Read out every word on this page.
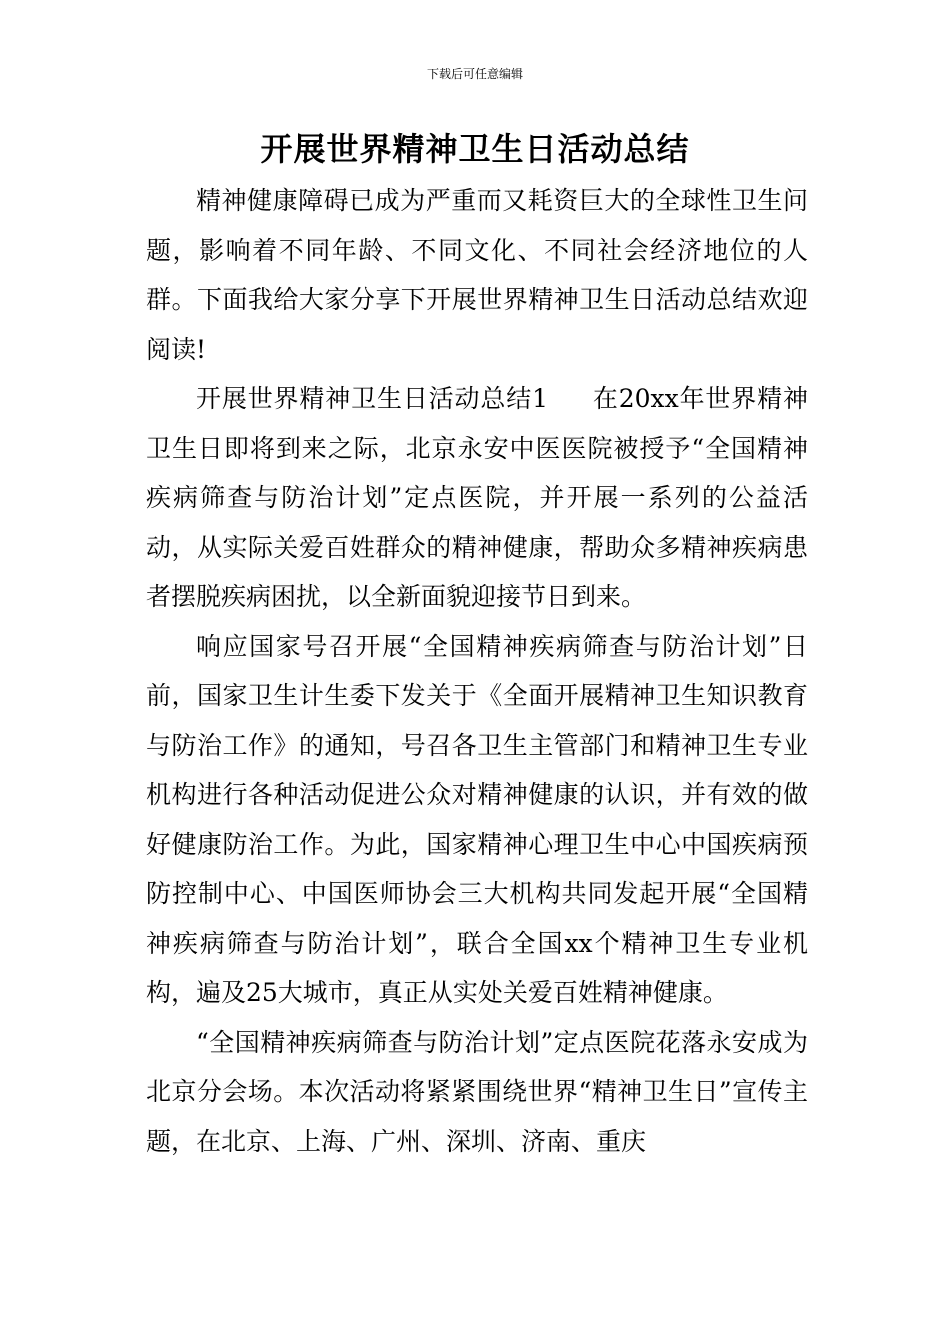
下载后可任意编辑
开展世界精神卫生日活动总结

精神健康障碍已成为严重而又耗资巨大的全球性卫生问题，影响着不同年龄、不同文化、不同社会经济地位的人群。下面我给大家分享下开展世界精神卫生日活动总结欢迎阅读!

开展世界精神卫生日活动总结1 在20xx年世界精神卫生日即将到来之际，北京永安中医医院被授予“全国精神疾病筛查与防治计划”定点医院，并开展一系列的公益活动，从实际关爱百姓群众的精神健康，帮助众多精神疾病患者摆脱疾病困扰，以全新面貌迎接节日到来。

响应国家号召开展“全国精神疾病筛查与防治计划”日前，国家卫生计生委下发关于《全面开展精神卫生知识教育与防治工作》的通知，号召各卫生主管部门和精神卫生专业机构进行各种活动促进公众对精神健康的认识，并有效的做好健康防治工作。为此，国家精神心理卫生中心中国疾病预防控制中心、中国医师协会三大机构共同发起开展“全国精神疾病筛查与防治计划”，联合全国xx个精神卫生专业机构，遍及25大城市，真正从实处关爱百姓精神健康。

“全国精神疾病筛查与防治计划”定点医院花落永安成为北京分会场。本次活动将紧紧围绕世界“精神卫生日”宣传主题，在北京、上海、广州、深圳、济南、重庆
